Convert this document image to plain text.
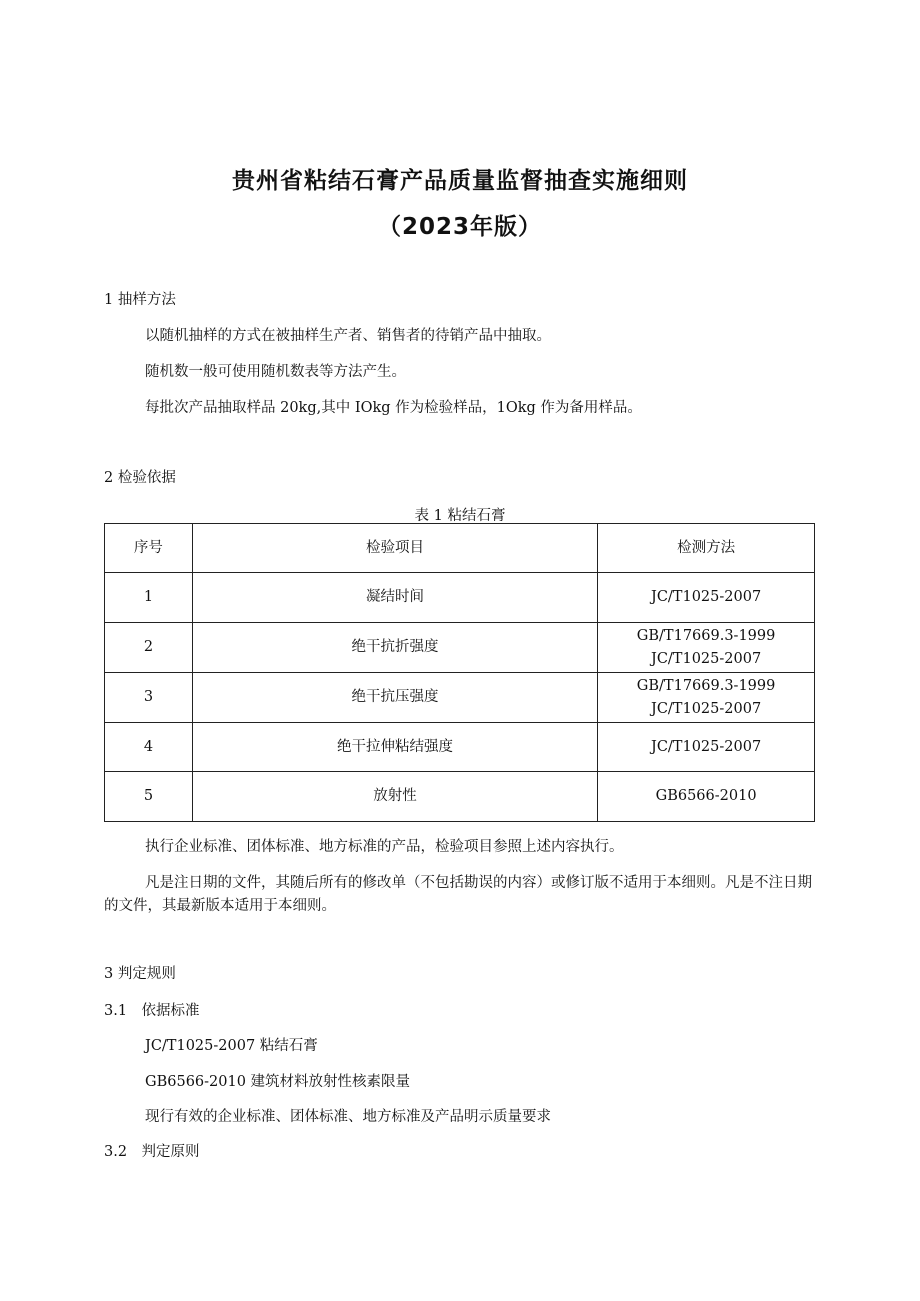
贵州省粘结石膏产品质量监督抽查实施细则
（2023年版）

1 抽样方法

以随机抽样的方式在被抽样生产者、销售者的待销产品中抽取。

随机数一般可使用随机数表等方法产生。

每批次产品抽取样品 20kg,其中 IOkg 作为检验样品，1Okg 作为备用样品。

2 检验依据

表 1 粘结石膏
序号	检验项目	检测方法
1	凝结时间	JC/T1025-2007

2	绝干抗折强度	GB/T17669.3-1999
JC/T1025-2007

3	绝干抗压强度	GB/T17669.3-1999
JC/T1025-2007

4	绝干拉伸粘结强度	JC/T1025-2007

5	放射性	GB6566-2010

执行企业标准、团体标准、地方标准的产品，检验项目参照上述内容执行。

凡是注日期的文件，其随后所有的修改单（不包括勘误的内容）或修订版不适用于本细则。凡是不注日期的文件，其最新版本适用于本细则。

3 判定规则

3.1　依据标准

JC/T1025-2007 粘结石膏

GB6566-2010 建筑材料放射性核素限量

现行有效的企业标准、团体标准、地方标准及产品明示质量要求

3.2　判定原则
